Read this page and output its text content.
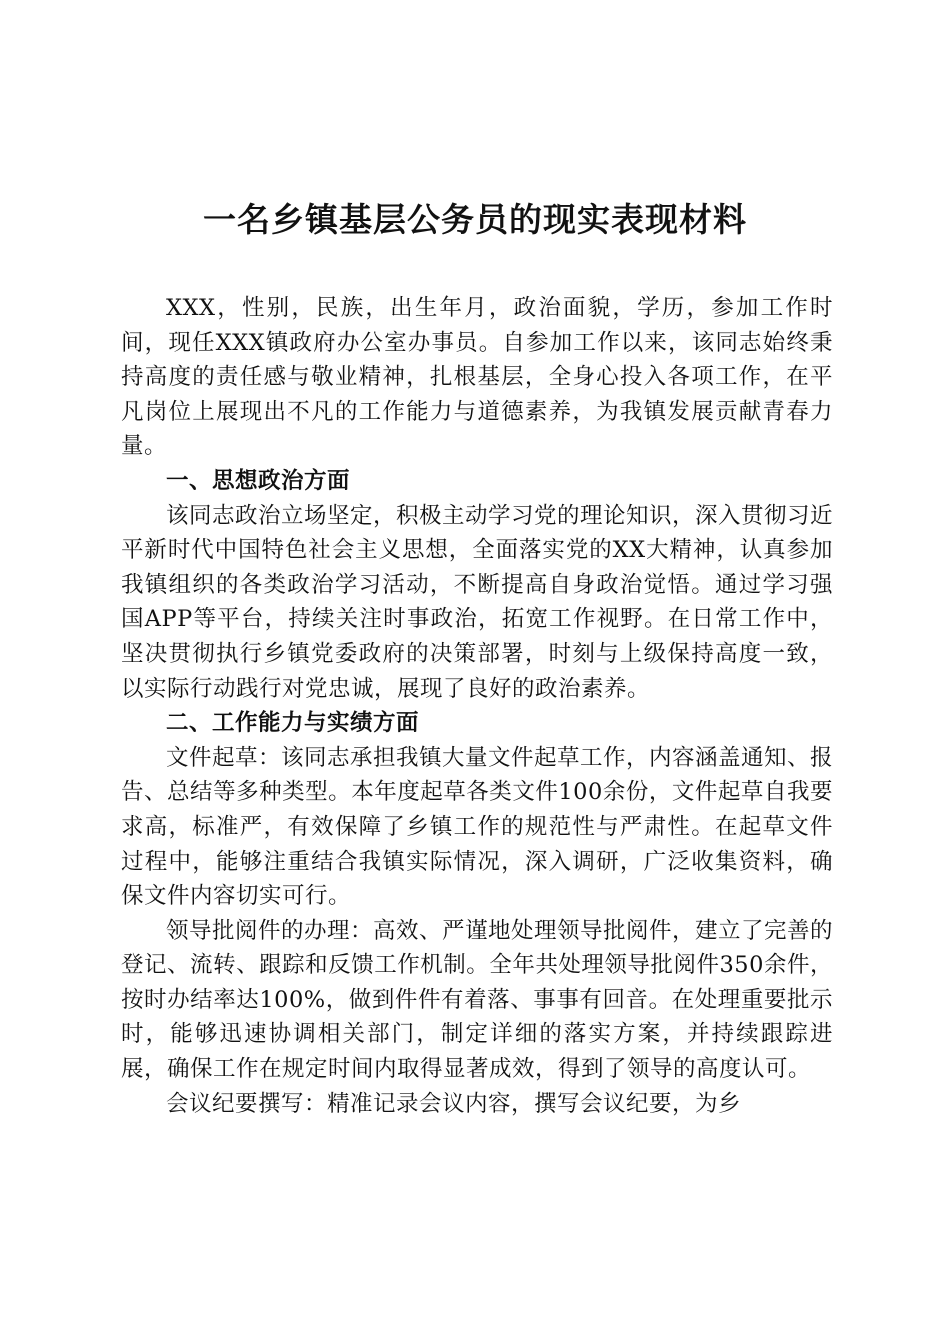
一名乡镇基层公务员的现实表现材料

XXX，性别，民族，出生年月，政治面貌，学历，参加工作时间，现任XXX镇政府办公室办事员。自参加工作以来，该同志始终秉持高度的责任感与敬业精神，扎根基层，全身心投入各项工作，在平凡岗位上展现出不凡的工作能力与道德素养，为我镇发展贡献青春力量。

一、思想政治方面

该同志政治立场坚定，积极主动学习党的理论知识，深入贯彻习近平新时代中国特色社会主义思想，全面落实党的XX大精神，认真参加我镇组织的各类政治学习活动，不断提高自身政治觉悟。通过学习强国APP等平台，持续关注时事政治，拓宽工作视野。在日常工作中，坚决贯彻执行乡镇党委政府的决策部署，时刻与上级保持高度一致，以实际行动践行对党忠诚，展现了良好的政治素养。

二、工作能力与实绩方面

文件起草：该同志承担我镇大量文件起草工作，内容涵盖通知、报告、总结等多种类型。本年度起草各类文件100余份，文件起草自我要求高，标准严，有效保障了乡镇工作的规范性与严肃性。在起草文件过程中，能够注重结合我镇实际情况，深入调研，广泛收集资料，确保文件内容切实可行。

领导批阅件的办理：高效、严谨地处理领导批阅件，建立了完善的登记、流转、跟踪和反馈工作机制。全年共处理领导批阅件350余件，按时办结率达100%，做到件件有着落、事事有回音。在处理重要批示时，能够迅速协调相关部门，制定详细的落实方案，并持续跟踪进展，确保工作在规定时间内取得显著成效，得到了领导的高度认可。

会议纪要撰写：精准记录会议内容，撰写会议纪要，为乡
